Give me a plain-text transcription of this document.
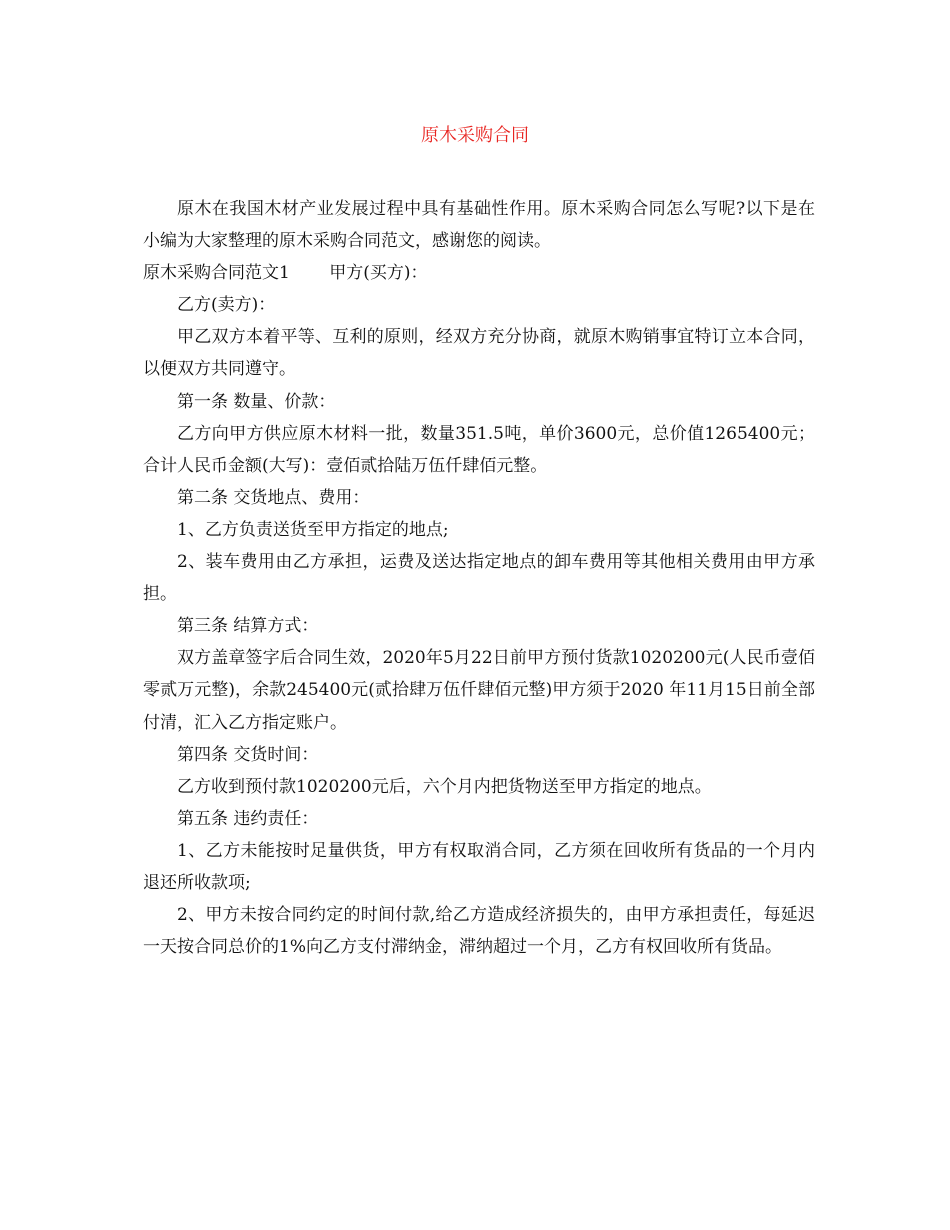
原木采购合同

原木在我国木材产业发展过程中具有基础性作用。原木采购合同怎么写呢?以下是在小编为大家整理的原木采购合同范文，感谢您的阅读。

原木采购合同范文1　　 甲方(买方)：

乙方(卖方)：

甲乙双方本着平等、互利的原则，经双方充分协商，就原木购销事宜特订立本合同，以便双方共同遵守。

第一条 数量、价款：

乙方向甲方供应原木材料一批，数量351.5吨，单价3600元，总价值1265400元；合计人民币金额(大写)：壹佰贰拾陆万伍仟肆佰元整。

第二条 交货地点、费用：

1、乙方负责送货至甲方指定的地点;

2、装车费用由乙方承担，运费及送达指定地点的卸车费用等其他相关费用由甲方承担。

第三条 结算方式：

双方盖章签字后合同生效，2020年5月22日前甲方预付货款1020200元(人民币壹佰零贰万元整)，余款245400元(贰拾肆万伍仟肆佰元整)甲方须于2020 年11月15日前全部付清，汇入乙方指定账户。

第四条 交货时间：

乙方收到预付款1020200元后，六个月内把货物送至甲方指定的地点。

第五条 违约责任：

1、乙方未能按时足量供货，甲方有权取消合同，乙方须在回收所有货品的一个月内退还所收款项;

2、甲方未按合同约定的时间付款,给乙方造成经济损失的，由甲方承担责任，每延迟一天按合同总价的1%向乙方支付滞纳金，滞纳超过一个月，乙方有权回收所有货品。
